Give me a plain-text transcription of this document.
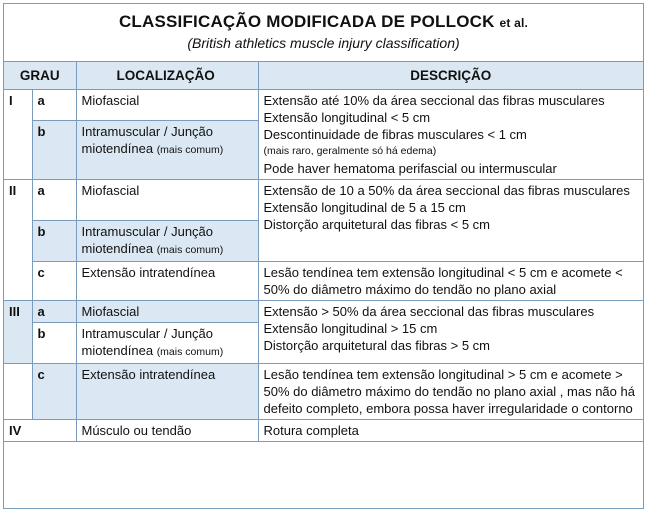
CLASSIFICAÇÃO MODIFICADA DE POLLOCK et al.
(British athletics muscle injury classification)
GRAU		LOCALIZAÇÃO	DESCRIÇÃO
I	a	Miofascial	Extensão até 10% da área seccional das fibras musculares
Extensão longitudinal < 5 cm
Descontinuidade de fibras musculares < 1 cm
(mais raro, geralmente só há edema)
Pode haver hematoma perifascial ou intermuscular

	b	Intramuscular / Junção miotendínea (mais comum)	
II	a	Miofascial	Extensão de 10 a 50% da área seccional das fibras musculares
Extensão longitudinal de 5 a 15 cm
Distorção arquitetural das fibras < 5 cm

	b	Intramuscular / Junção miotendínea (mais comum)	
	c	Extensão intratendínea	Lesão tendínea tem extensão longitudinal < 5 cm e acomete < 50% do diâmetro máximo do tendão no plano axial
III	a	Miofascial	Extensão > 50% da área seccional das fibras musculares
Extensão longitudinal > 15 cm
Distorção arquitetural das fibras > 5 cm

	b	Intramuscular / Junção miotendínea (mais comum)	
	c	Extensão intratendínea	Lesão tendínea tem extensão longitudinal > 5 cm e acomete > 50% do diâmetro máximo do tendão no plano axial , mas não há defeito completo, embora possa haver irregularidade o contorno
IV		Músculo ou tendão	Rotura completa
